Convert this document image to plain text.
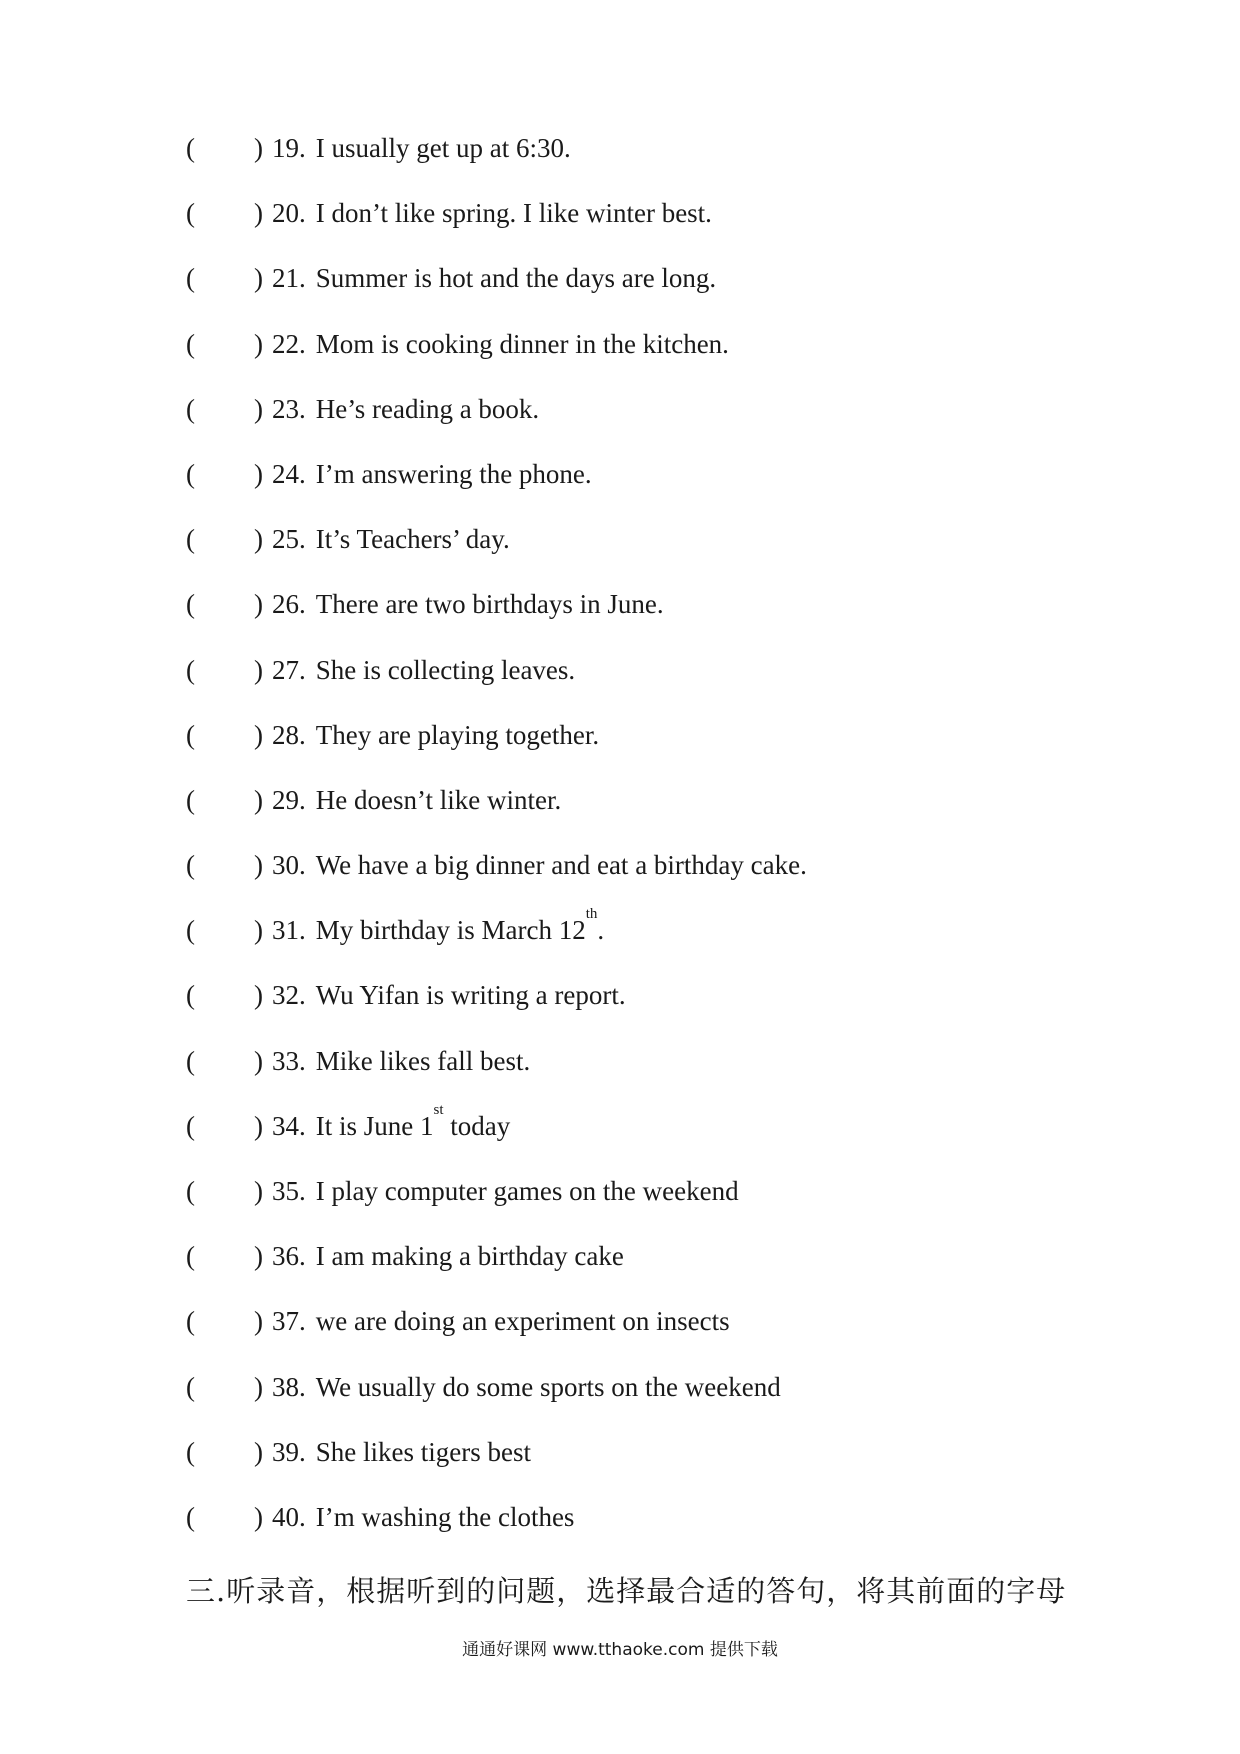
(	) 19. I usually get up at 6:30.
(	) 20. I don’t like spring. I like winter best.
(	) 21. Summer is hot and the days are long.
(	) 22. Mom is cooking dinner in the kitchen.
(	) 23. He’s reading a book.
(	) 24. I’m answering the phone.
(	) 25. It’s Teachers’ day.
(	) 26. There are two birthdays in June.
(	) 27. She is collecting leaves.
(	) 28. They are playing together.
(	) 29. He doesn’t like winter.
(	) 30. We have a big dinner and eat a birthday cake.
(	) 31. My birthday is March 12
th
.
(	) 32. Wu Yifan is writing a report.
(	) 33. Mike likes fall best.
(	) 34. It is June 1
st
today
(	) 35. I play computer games on the weekend
(	) 36. I am making a birthday cake
(	) 37. we are doing an experiment on insects
(	) 38. We usually do some sports on the weekend
(	) 39. She likes tigers best
(	) 40. I’m washing the clothes
三.听录音，根据听到的问题，选择最合适的答句，将其前面的字母
通通好课网 www.tthaoke.com 提供下载
